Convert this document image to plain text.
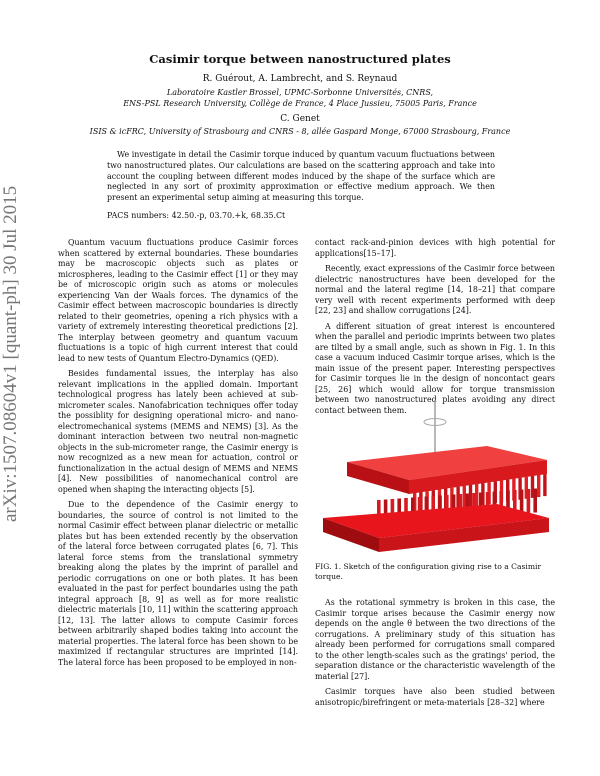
arXiv:1507.08604v1 [quant-ph] 30 Jul 2015
Casimir torque between nanostructured plates
R. Guérout, A. Lambrecht, and S. Reynaud
Laboratoire Kastler Brossel, UPMC-Sorbonne Universités, CNRS,
ENS-PSL Research University, Collège de France, 4 Place Jussieu, 75005 Paris, France
C. Genet
ISIS & icFRC, University of Strasbourg and CNRS - 8, allée Gaspard Monge, 67000 Strasbourg, France
We investigate in detail the Casimir torque induced by quantum vacuum fluctuations between two nanostructured plates. Our calculations are based on the scattering approach and take into account the coupling between different modes induced by the shape of the surface which are neglected in any sort of proximity approximation or effective medium approach. We then present an experimental setup aiming at measuring this torque.
PACS numbers: 42.50.-p, 03.70.+k, 68.35.Ct

Quantum vacuum fluctuations produce Casimir forces when scattered by external boundaries. These boundaries may be macroscopic objects such as plates or microspheres, leading to the Casimir effect [1] or they may be of microscopic origin such as atoms or molecules experiencing Van der Waals forces. The dynamics of the Casimir effect between macroscopic boundaries is directly related to their geometries, opening a rich physics with a variety of extremely interesting theoretical predictions [2]. The interplay between geometry and quantum vacuum fluctuations is a topic of high current interest that could lead to new tests of Quantum Electro-Dynamics (QED).

Besides fundamental issues, the interplay has also relevant implications in the applied domain. Important technological progress has lately been achieved at sub-micrometer scales. Nanofabrication techniques offer today the possiblity for designing operational micro- and nano-electromechanical systems (MEMS and NEMS) [3]. As the dominant interaction between two neutral non-magnetic objects in the sub-micrometer range, the Casimir energy is now recognized as a new mean for actuation, control or functionalization in the actual design of MEMS and NEMS [4]. New possibilities of nanomechanical control are opened when shaping the interacting objects [5].

Due to the dependence of the Casimir energy to boundaries, the source of control is not limited to the normal Casimir effect between planar dielectric or metallic plates but has been extended recently by the observation of the lateral force between corrugated plates [6, 7]. This lateral force stems from the translational symmetry breaking along the plates by the imprint of parallel and periodic corrugations on one or both plates. It has been evaluated in the past for perfect boundaries using the path integral approach [8, 9] as well as for more realistic dielectric materials [10, 11] within the scattering approach [12, 13]. The latter allows to compute Casimir forces between arbitrarily shaped bodies taking into account the material properties. The lateral force has been shown to be maximized if rectangular structures are imprinted [14]. The lateral force has been proposed to be employed in non-

contact rack-and-pinion devices with high potential for applications[15–17].

Recently, exact expressions of the Casimir force between dielectric nanostructures have been developed for the normal and the lateral regime [14, 18–21] that compare very well with recent experiments performed with deep [22, 23] and shallow corrugations [24].

A different situation of great interest is encountered when the parallel and periodic imprints between two plates are tilted by a small angle, such as shown in Fig. 1. In this case a vacuum induced Casimir torque arises, which is the main issue of the present paper. Interesting perspectives for Casimir torques lie in the design of noncontact gears [25, 26] which would allow for torque transmission between two nanostructured plates avoiding any direct contact between them.

FIG. 1. Sketch of the configuration giving rise to a Casimir torque.

As the rotational symmetry is broken in this case, the Casimir torque arises because the Casimir energy now depends on the angle θ between the two directions of the corrugations. A preliminary study of this situation has already been performed for corrugations small compared to the other length-scales such as the gratings' period, the separation distance or the characteristic wavelength of the material [27].

Casimir torques have also been studied between anisotropic/birefringent or meta-materials [28–32] where
